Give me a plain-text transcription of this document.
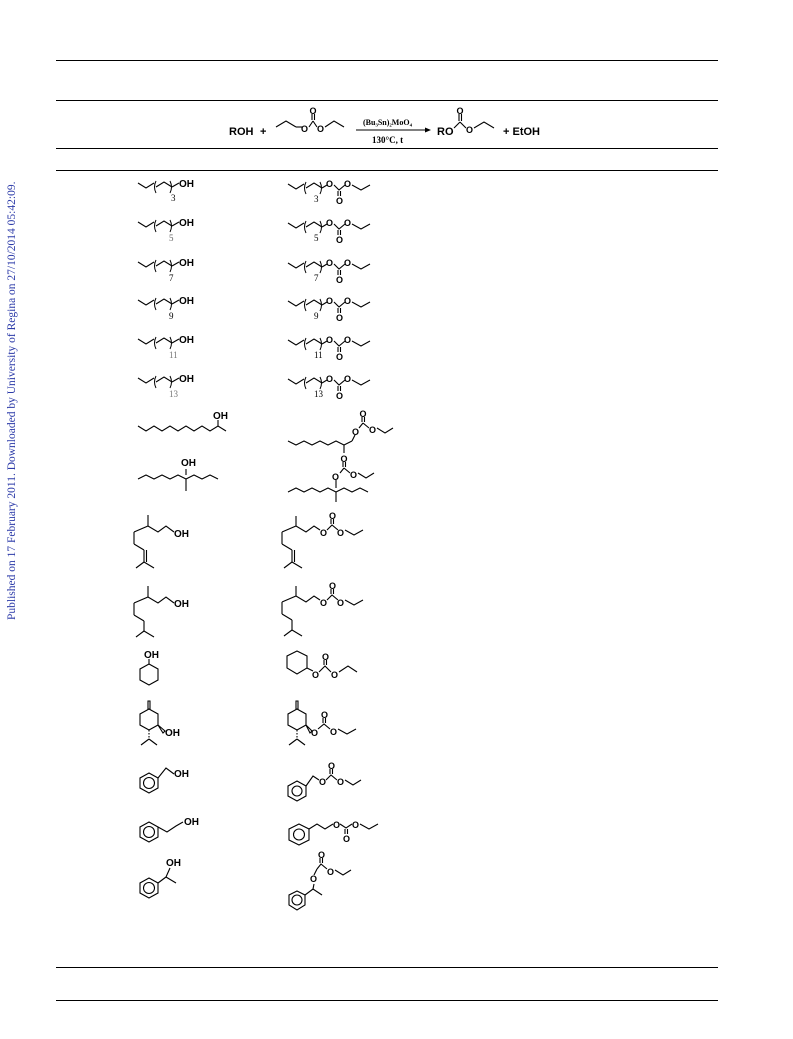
Published on 17 February 2011. Downloaded by University of Regina on 27/10/2014 05:42:09.
ROH +	O
O
O
(Bu₃Sn)₂MoO₄
130°C, t
RO
O
O	+ EtOH
OH
3
OH
5
OH
7
OH
9
OH
11
OH
13
OH
OH
OH
OH
OH
OH
OH
OH
OH
O
O
O
3
O
O
O
5
O
O
O
7
O
O
O
9
O
O
O
11
O
O
O
13
O
O
O
O
O
O
O
O
O
O
O
O
O
O
O
O
O
O
O
O
O
O
O
O
O
O
O
